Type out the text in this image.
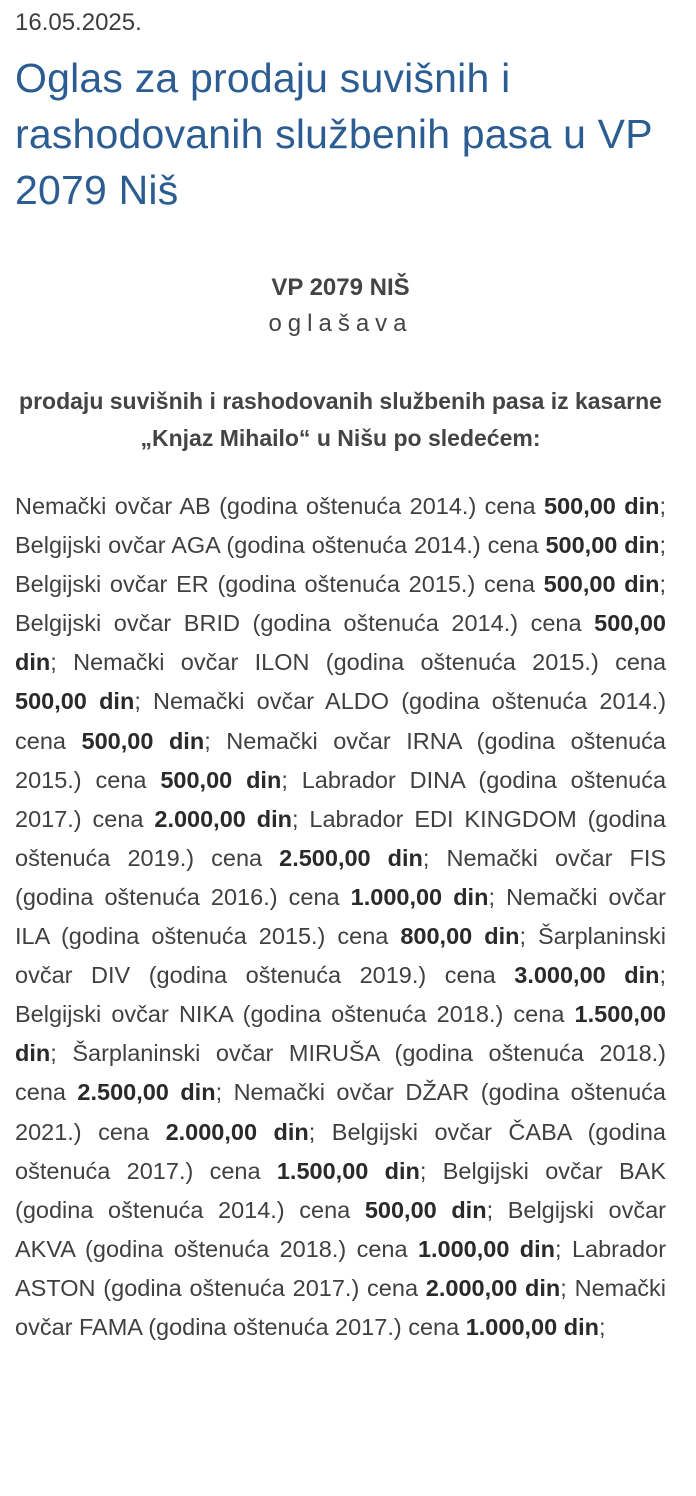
16.05.2025.
Oglas za prodaju suvišnih i rashodovanih službenih pasa u VP 2079 Niš
VP 2079 NIŠ
oglašava
prodaju suvišnih i rashodovanih službenih pasa iz kasarne „Knjaz Mihailo“ u Nišu po sledećem:

Nemački ovčar AB (godina oštenuća 2014.) cena 500,00 din; Belgijski ovčar AGA (godina oštenuća 2014.) cena 500,00 din; Belgijski ovčar ER (godina oštenuća 2015.) cena 500,00 din; Belgijski ovčar BRID (godina oštenuća 2014.) cena 500,00 din; Nemački ovčar ILON (godina oštenuća 2015.) cena 500,00 din; Nemački ovčar ALDO (godina oštenuća 2014.) cena 500,00 din; Nemački ovčar IRNA (godina oštenuća 2015.) cena 500,00 din; Labrador DINA (godina oštenuća 2017.) cena 2.000,00 din; Labrador EDI KINGDOM (godina oštenuća 2019.) cena 2.500,00 din; Nemački ovčar FIS (godina oštenuća 2016.) cena 1.000,00 din; Nemački ovčar ILA (godina oštenuća 2015.) cena 800,00 din; Šarplaninski ovčar DIV (godina oštenuća 2019.) cena 3.000,00 din; Belgijski ovčar NIKA (godina oštenuća 2018.) cena 1.500,00 din; Šarplaninski ovčar MIRUŠA (godina oštenuća 2018.) cena 2.500,00 din; Nemački ovčar DŽAR (godina oštenuća 2021.) cena 2.000,00 din; Belgijski ovčar ČABA (godina oštenuća 2017.) cena 1.500,00 din; Belgijski ovčar BAK (godina oštenuća 2014.) cena 500,00 din; Belgijski ovčar AKVA (godina oštenuća 2018.) cena 1.000,00 din; Labrador ASTON (godina oštenuća 2017.) cena 2.000,00 din; Nemački ovčar FAMA (godina oštenuća 2017.) cena 1.000,00 din;
